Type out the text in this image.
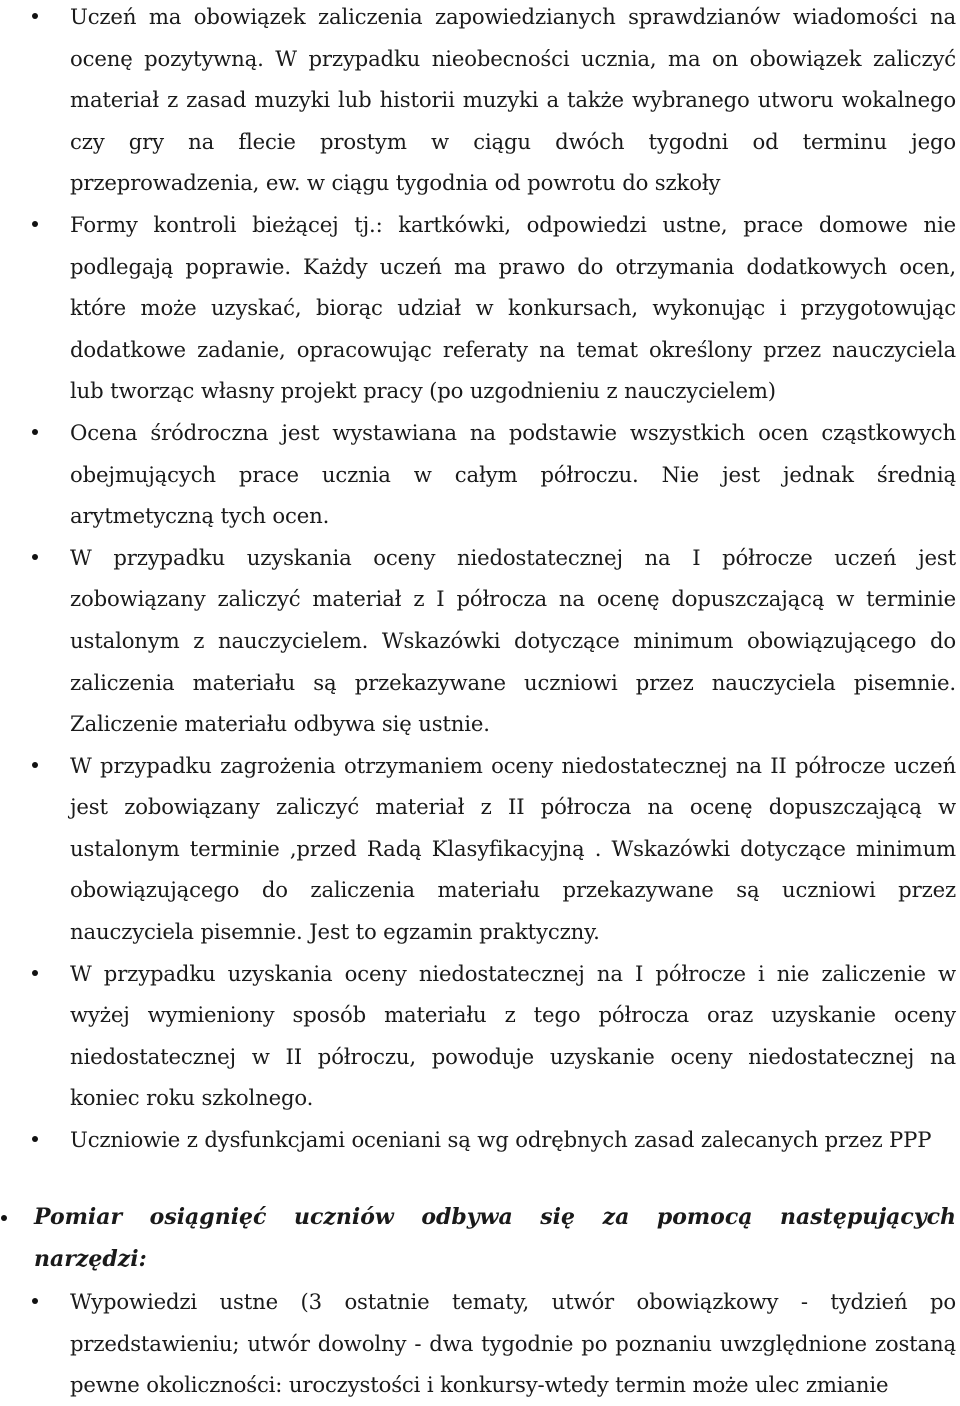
Uczeń ma obowiązek zaliczenia zapowiedzianych sprawdzianów wiadomości na ocenę pozytywną. W przypadku nieobecności ucznia, ma on obowiązek zaliczyć materiał z zasad muzyki lub historii muzyki a także wybranego utworu wokalnego czy gry na flecie prostym w ciągu dwóch tygodni od terminu jego przeprowadzenia, ew. w ciągu tygodnia od powrotu do szkoły
Formy kontroli bieżącej tj.: kartkówki, odpowiedzi ustne, prace domowe nie podlegają poprawie. Każdy uczeń ma prawo do otrzymania dodatkowych ocen, które może uzyskać, biorąc udział w konkursach, wykonując i przygotowując dodatkowe zadanie, opracowując referaty na temat określony przez nauczyciela lub tworząc własny projekt pracy (po uzgodnieniu z nauczycielem)
Ocena śródroczna jest wystawiana na podstawie wszystkich ocen cząstkowych obejmujących prace ucznia w całym półroczu. Nie jest jednak średnią arytmetyczną tych ocen.
W przypadku uzyskania oceny niedostatecznej na I półrocze uczeń jest zobowiązany zaliczyć materiał z I półrocza na ocenę dopuszczającą w terminie ustalonym z nauczycielem. Wskazówki dotyczące minimum obowiązującego do zaliczenia materiału są przekazywane uczniowi przez nauczyciela pisemnie. Zaliczenie materiału odbywa się ustnie.
W przypadku zagrożenia otrzymaniem oceny niedostatecznej na II półrocze uczeń jest zobowiązany zaliczyć materiał z II półrocza na ocenę dopuszczającą w ustalonym terminie ,przed Radą Klasyfikacyjną . Wskazówki dotyczące minimum obowiązującego do zaliczenia materiału przekazywane są uczniowi przez nauczyciela pisemnie. Jest to egzamin praktyczny.
W przypadku uzyskania oceny niedostatecznej na I półrocze i nie zaliczenie w wyżej wymieniony sposób materiału z tego półrocza oraz uzyskanie oceny niedostatecznej w II półroczu, powoduje uzyskanie oceny niedostatecznej na koniec roku szkolnego.
Uczniowie z dysfunkcjami oceniani są wg odrębnych zasad zalecanych przez PPP
Pomiar osiągnięć uczniów odbywa się za pomocą następujących narzędzi:
Wypowiedzi ustne (3 ostatnie tematy, utwór obowiązkowy - tydzień po przedstawieniu; utwór dowolny - dwa tygodnie po poznaniu uwzględnione zostaną pewne okoliczności: uroczystości i konkursy-wtedy termin może ulec zmianie
